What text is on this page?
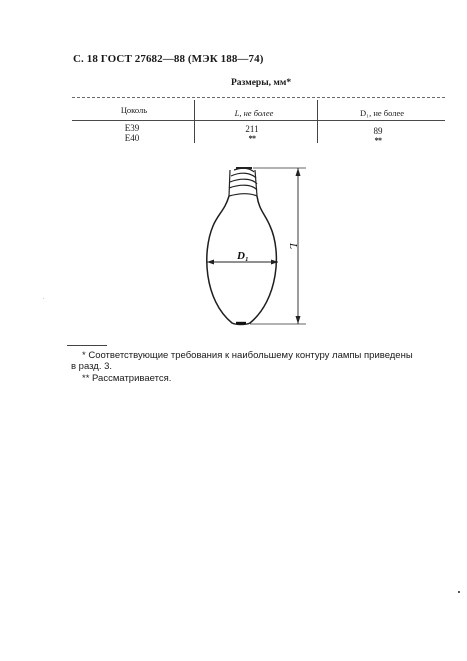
С. 18 ГОСТ 27682—88 (МЭК 188—74)
Размеры, мм*
Цоколь	L, не более	D₁, не более
E39	211	89
E40	**	**
D₁
L
* Соответствующие требования к наибольшему контуру лампы приведены
в разд. 3.
** Рассматривается.
